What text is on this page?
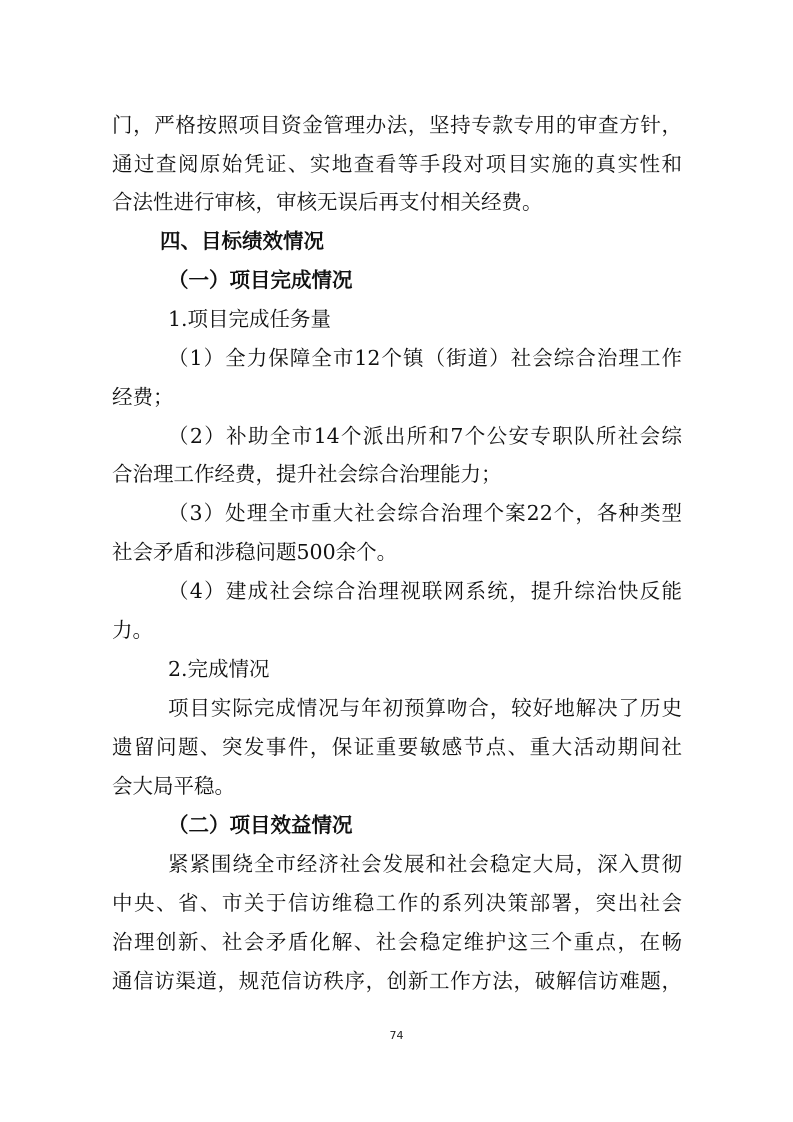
门，严格按照项目资金管理办法，坚持专款专用的审查方针，
通过查阅原始凭证、实地查看等手段对项目实施的真实性和
合法性进行审核，审核无误后再支付相关经费。
四、目标绩效情况
（一）项目完成情况
1.项目完成任务量
（1）全力保障全市12个镇（街道）社会综合治理工作
经费；
（2）补助全市14个派出所和7个公安专职队所社会综
合治理工作经费，提升社会综合治理能力；
（3）处理全市重大社会综合治理个案22个，各种类型
社会矛盾和涉稳问题500余个。
（4）建成社会综合治理视联网系统，提升综治快反能
力。
2.完成情况
项目实际完成情况与年初预算吻合，较好地解决了历史
遗留问题、突发事件，保证重要敏感节点、重大活动期间社
会大局平稳。
（二）项目效益情况
紧紧围绕全市经济社会发展和社会稳定大局，深入贯彻
中央、省、市关于信访维稳工作的系列决策部署，突出社会
治理创新、社会矛盾化解、社会稳定维护这三个重点，在畅
通信访渠道，规范信访秩序，创新工作方法，破解信访难题，
74
